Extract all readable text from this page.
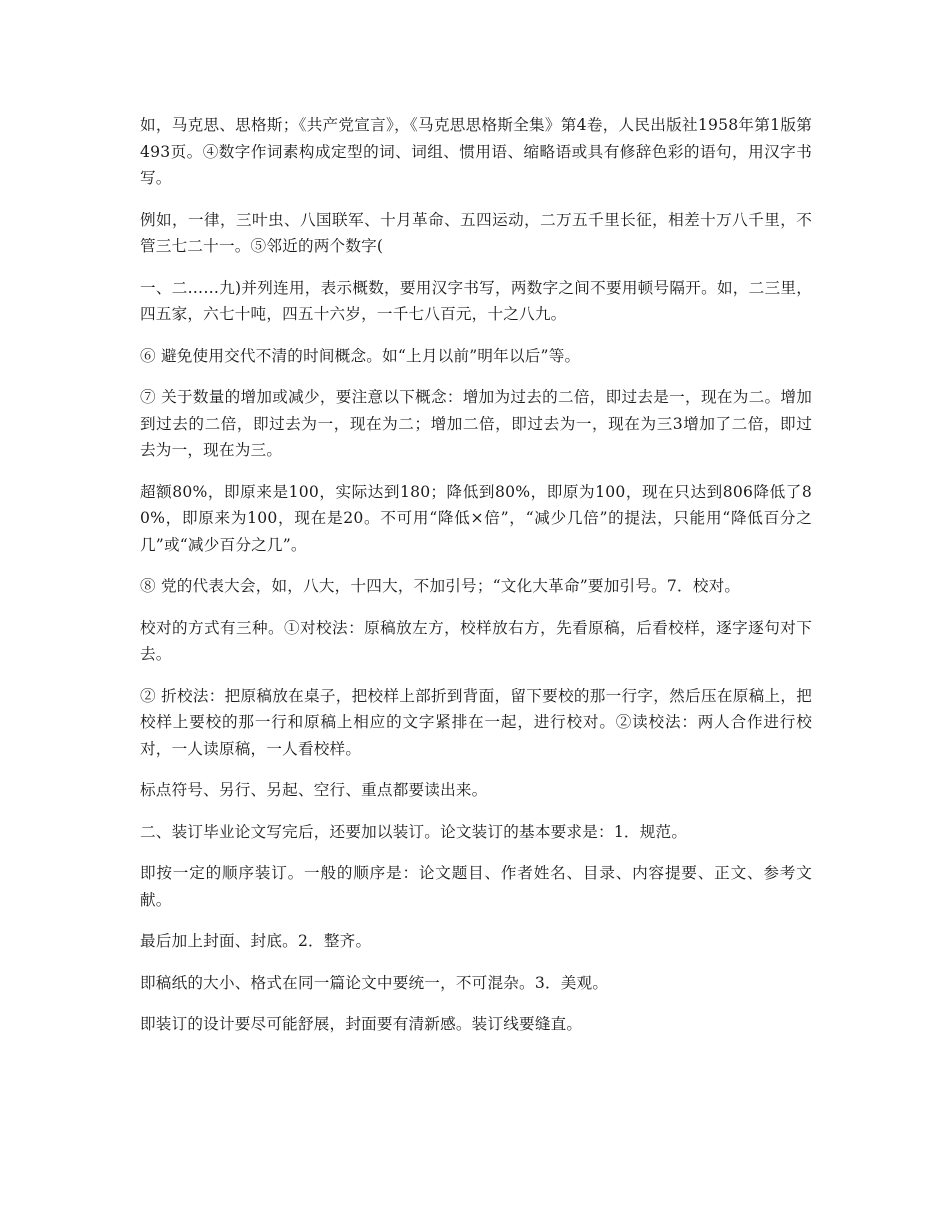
如，马克思、思格斯；《共产党宣言》，《马克思思格斯全集》第4卷，人民出版社1958年第1版第493页。④数字作词素构成定型的词、词组、惯用语、缩略语或具有修辞色彩的语句，用汉字书写。

例如，一律，三叶虫、八国联军、十月革命、五四运动，二万五千里长征，相差十万八千里，不管三七二十一。⑤邻近的两个数字(

一、二……九)并列连用，表示概数，要用汉字书写，两数字之间不要用顿号隔开。如，二三里，四五家，六七十吨，四五十六岁，一千七八百元，十之八九。

⑥ 避免使用交代不清的时间概念。如“上月以前”明年以后”等。

⑦ 关于数量的增加或减少，要注意以下概念：增加为过去的二倍，即过去是一，现在为二。增加到过去的二倍，即过去为一，现在为二；增加二倍，即过去为一，现在为三3增加了二倍，即过去为一，现在为三。

超额80%，即原来是100，实际达到180；降低到80%，即原为100，现在只达到806降低了80%，即原来为100，现在是20。不可用“降低×倍”，“减少几倍”的提法，只能用“降低百分之几”或“减少百分之几”。

⑧ 党的代表大会，如，八大，十四大，不加引号；“文化大革命”要加引号。7．校对。

校对的方式有三种。①对校法：原稿放左方，校样放右方，先看原稿，后看校样，逐字逐句对下去。

② 折校法：把原稿放在桌子，把校样上部折到背面，留下要校的那一行字，然后压在原稿上，把校样上要校的那一行和原稿上相应的文字紧排在一起，进行校对。②读校法：两人合作进行校对，一人读原稿，一人看校样。

标点符号、另行、另起、空行、重点都要读出来。

二、装订毕业论文写完后，还要加以装订。论文装订的基本要求是：1．规范。

即按一定的顺序装订。一般的顺序是：论文题目、作者姓名、目录、内容提要、正文、参考文献。

最后加上封面、封底。2．整齐。

即稿纸的大小、格式在同一篇论文中要统一，不可混杂。3．美观。

即装订的设计要尽可能舒展，封面要有清新感。装订线要缝直。
